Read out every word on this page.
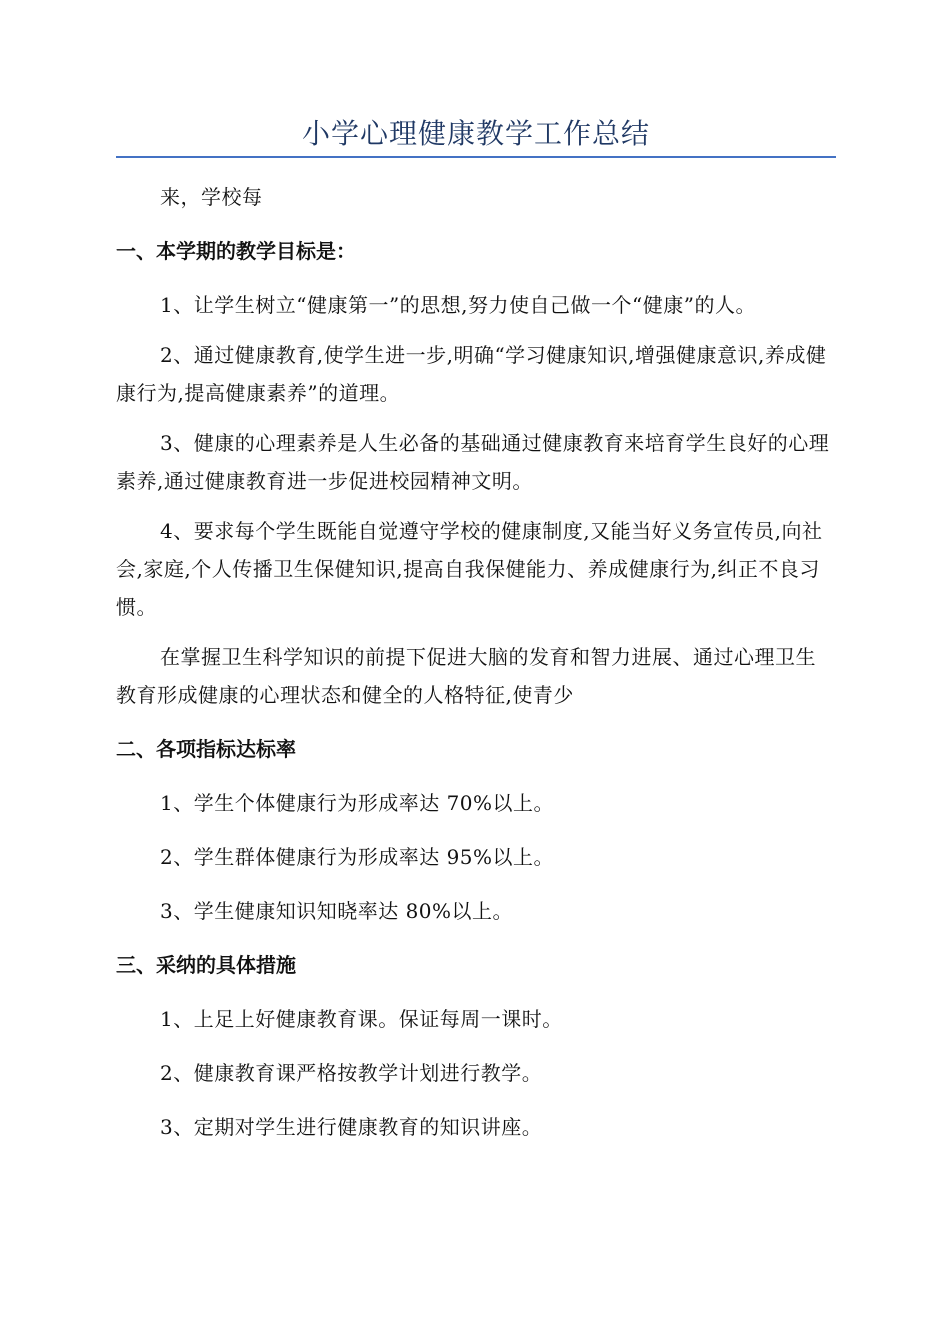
小学心理健康教学工作总结

来，学校每

一、本学期的教学目标是：

1、让学生树立“健康第一”的思想,努力使自己做一个“健康”的人。

2、通过健康教育,使学生进一步,明确“学习健康知识,增强健康意识,养成健康行为,提高健康素养”的道理。

3、健康的心理素养是人生必备的基础通过健康教育来培育学生良好的心理素养,通过健康教育进一步促进校园精神文明。

4、要求每个学生既能自觉遵守学校的健康制度,又能当好义务宣传员,向社会,家庭,个人传播卫生保健知识,提高自我保健能力、养成健康行为,纠正不良习惯。

在掌握卫生科学知识的前提下促进大脑的发育和智力进展、通过心理卫生教育形成健康的心理状态和健全的人格特征,使青少

二、各项指标达标率

1、学生个体健康行为形成率达 70%以上。

2、学生群体健康行为形成率达 95%以上。

3、学生健康知识知晓率达 80%以上。

三、采纳的具体措施

1、上足上好健康教育课。保证每周一课时。

2、健康教育课严格按教学计划进行教学。

3、定期对学生进行健康教育的知识讲座。
